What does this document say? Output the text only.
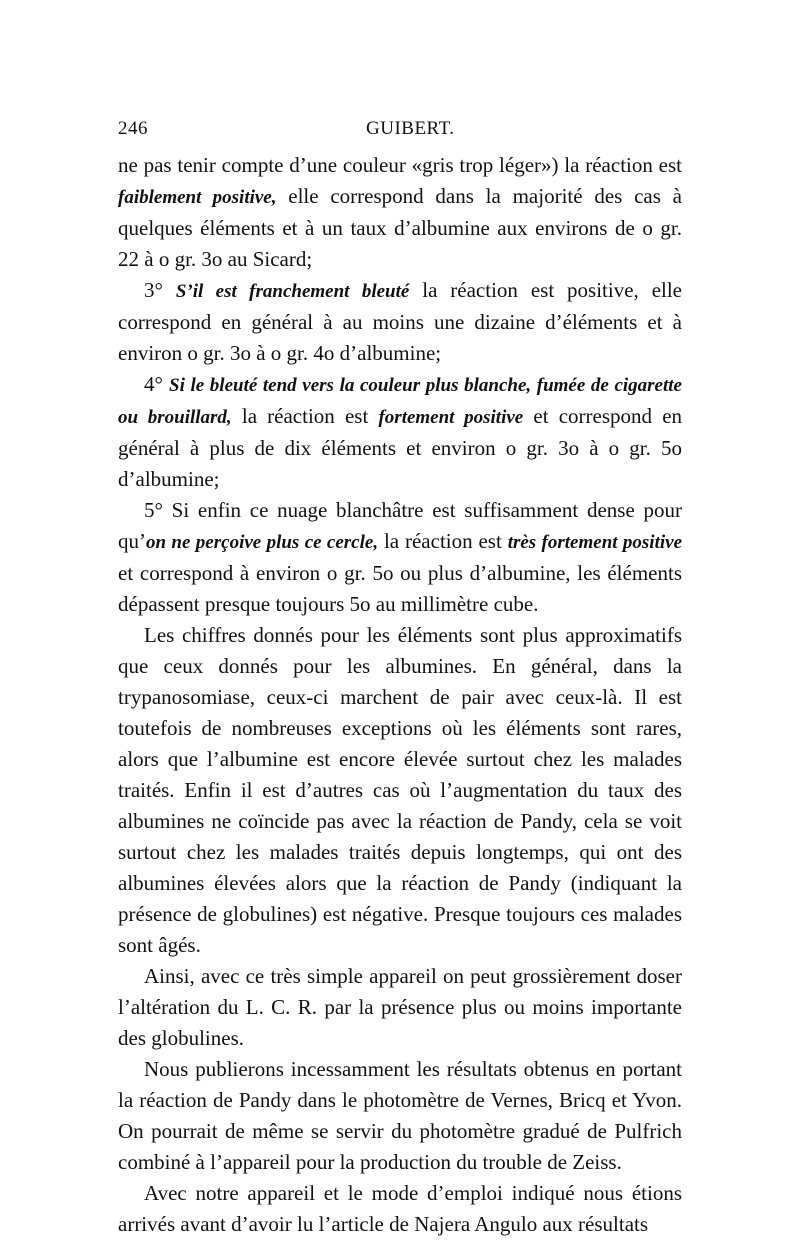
246	GUIBERT.

ne pas tenir compte d’une couleur «gris trop léger») la réaction est faiblement positive, elle correspond dans la majorité des cas à quelques éléments et à un taux d’albumine aux environs de o gr. 22 à o gr. 3o au Sicard;

3° S’il est franchement bleuté la réaction est positive, elle correspond en général à au moins une dizaine d’éléments et à environ o gr. 3o à o gr. 4o d’albumine;

4° Si le bleuté tend vers la couleur plus blanche, fumée de cigarette ou brouillard, la réaction est fortement positive et correspond en général à plus de dix éléments et environ o gr. 3o à o gr. 5o d’albumine;

5° Si enfin ce nuage blanchâtre est suffisamment dense pour qu’on ne perçoive plus ce cercle, la réaction est très fortement positive et correspond à environ o gr. 5o ou plus d’albumine, les éléments dépassent presque toujours 5o au millimètre cube.

Les chiffres donnés pour les éléments sont plus approximatifs que ceux donnés pour les albumines. En général, dans la trypanosomiase, ceux-ci marchent de pair avec ceux-là. Il est toutefois de nombreuses exceptions où les éléments sont rares, alors que l’albumine est encore élevée surtout chez les malades traités. Enfin il est d’autres cas où l’augmentation du taux des albumines ne coïncide pas avec la réaction de Pandy, cela se voit surtout chez les malades traités depuis longtemps, qui ont des albumines élevées alors que la réaction de Pandy (indiquant la présence de globulines) est négative. Presque toujours ces malades sont âgés.

Ainsi, avec ce très simple appareil on peut grossièrement doser l’altération du L. C. R. par la présence plus ou moins importante des globulines.

Nous publierons incessamment les résultats obtenus en portant la réaction de Pandy dans le photomètre de Vernes, Bricq et Yvon. On pourrait de même se servir du photomètre gradué de Pulfrich combiné à l’appareil pour la production du trouble de Zeiss.

Avec notre appareil et le mode d’emploi indiqué nous étions arrivés avant d’avoir lu l’article de Najera Angulo aux résultats
